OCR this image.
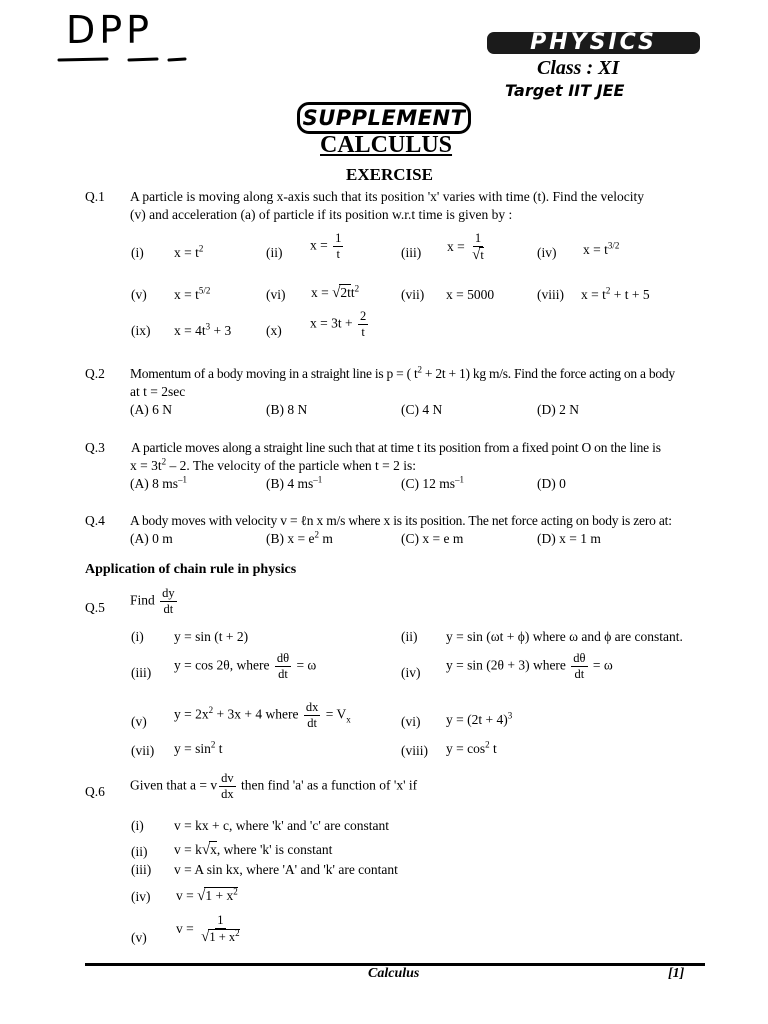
DPP	PHYSICS
Class : XI
Target IIT JEE
SUPPLEMENT
CALCULUS
EXERCISE
Q.1 A particle is moving along x-axis such that its position 'x' varies with time (t). Find the velocity
(v) and acceleration (a) of particle if its position w.r.t time is given by :
(i) $x = t^2$	(ii) $x = \frac{1}{t}$	(iii) $x = \frac{1}{√t}$	(iv) $x = t^{3/2}$
(v) $x = t^{5/2}$	(vi) $x = √2tt^2$	(vii) x = 5000	(viii) $x = t^2 + t + 5$
(ix) $x = 4t^3 + 3$	(x) $x = 3t + \frac{2}{t}$
Q.2 Momentum of a body moving in a straight line is p = ( $t^2 + 2t + 1$) kg m/s. Find the force acting on a body
at t = 2sec
(A) 6 N	(B) 8 N	(C) 4 N	(D) 2 N
Q.3 A particle moves along a straight line such that at time t its position from a fixed point O on the line is
$x = 3t^2 - 2$. The velocity of the particle when t = 2 is:
(A) 8 $ms^{-1}$	(B) 4 $ms^{-1}$	(C) 12 $ms^{-1}$	(D) 0
Q.4 A body moves with velocity v = ℓn x m/s where x is its position. The net force acting on body is zero at:
(A) 0 m	(B) $x = e^2$ m	(C) x = e m	(D) x = 1 m
Application of chain rule in physics
Q.5 Find $\frac{dy}{dt}$
(i) y = sin (t + 2)	(ii) y = sin (ωt + ϕ) where ω and ϕ are constant.
(iii) y = cos 2θ, where $\frac{d\theta}{dt} = \omega$	(iv) y = sin (2θ + 3) where $\frac{d\theta}{dt} = \omega$
(v) $y = 2x^2 + 3x + 4$ where $\frac{dx}{dt} = V_x$	(vi) $y = (2t + 4)^3$
(vii) $y = \sin^2 t$	(viii) $y = \cos^2 t$
Q.6 Given that a = v $\frac{dv}{dx}$ then find 'a' as a function of 'x' if
(i) v = kx + c, where 'k' and 'c' are constant
(ii) v = k√x, where 'k' is constant
(iii) v = A sin kx, where 'A' and 'k' are contant
(iv) $v = √1 + x^2$
(v)
$v = \frac{1}{√1 + x^2}$
Calculus	[1]
